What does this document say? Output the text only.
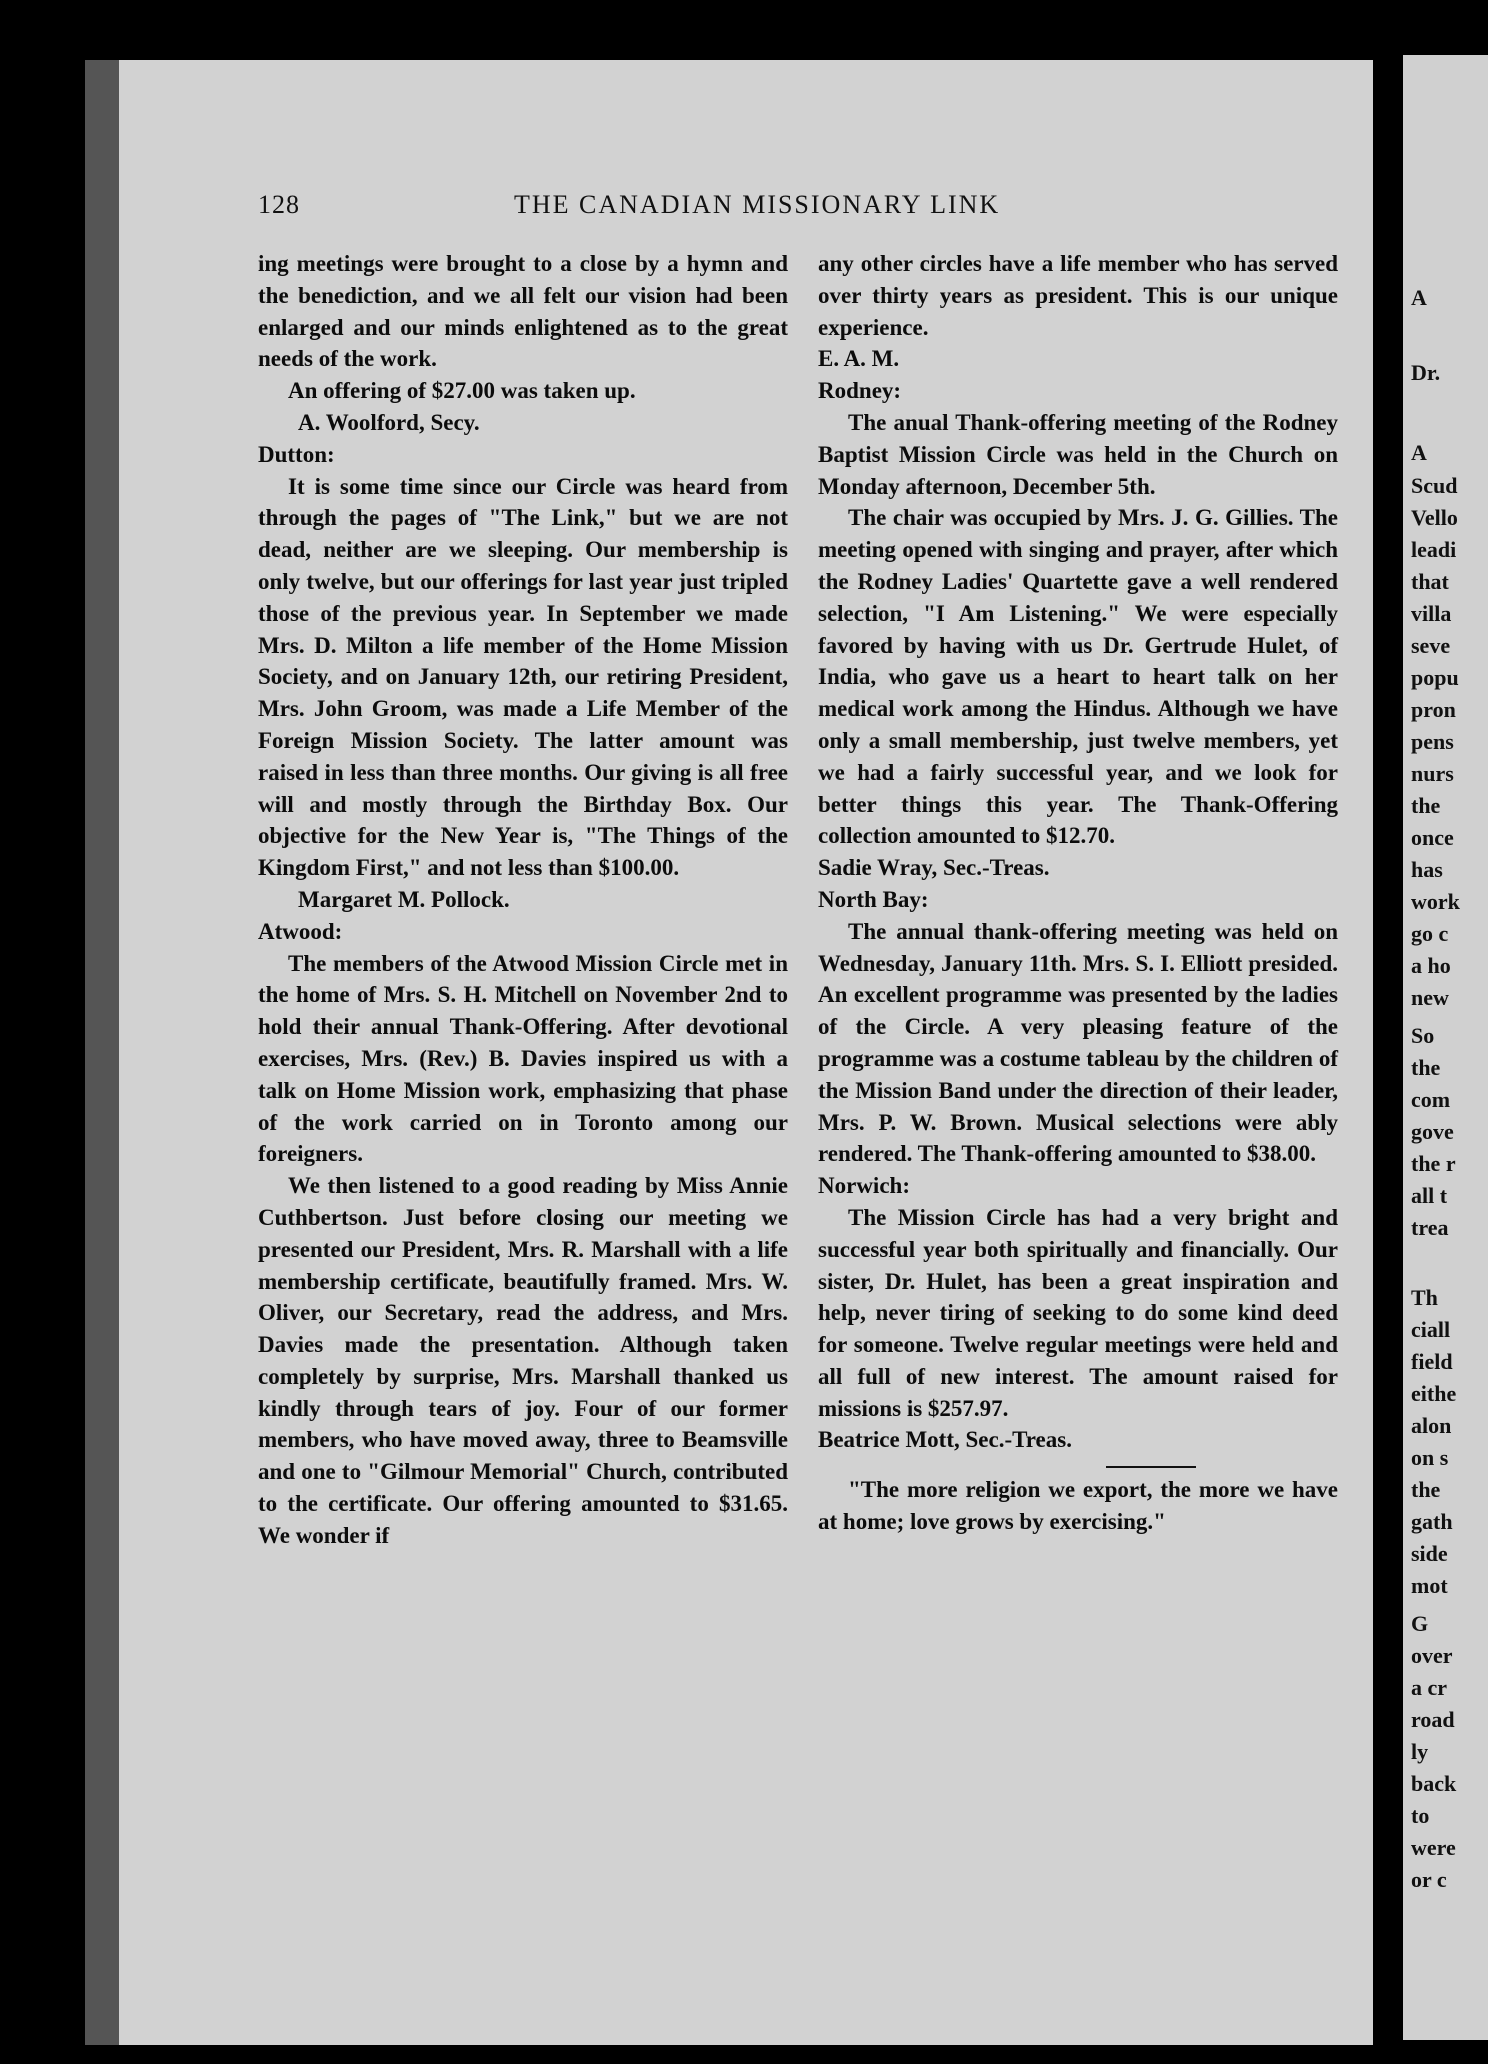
128	THE CANADIAN MISSIONARY LINK

ing meetings were brought to a close by a hymn and the benediction, and we all felt our vision had been enlarged and our minds enlightened as to the great needs of the work.

An offering of $27.00 was taken up.

A. Woolford, Secy.

Dutton:

It is some time since our Circle was heard from through the pages of "The Link," but we are not dead, neither are we sleeping. Our membership is only twelve, but our offerings for last year just tripled those of the previous year. In September we made Mrs. D. Milton a life member of the Home Mission Society, and on January 12th, our retiring President, Mrs. John Groom, was made a Life Member of the Foreign Mission Society. The latter amount was raised in less than three months. Our giving is all free will and mostly through the Birthday Box. Our objective for the New Year is, "The Things of the Kingdom First," and not less than $100.00.

Margaret M. Pollock.

Atwood:

The members of the Atwood Mission Circle met in the home of Mrs. S. H. Mitchell on November 2nd to hold their annual Thank-Offering. After devotional exercises, Mrs. (Rev.) B. Davies inspired us with a talk on Home Mission work, emphasizing that phase of the work carried on in Toronto among our foreigners.

We then listened to a good reading by Miss Annie Cuthbertson. Just before closing our meeting we presented our President, Mrs. R. Marshall with a life membership certificate, beautifully framed. Mrs. W. Oliver, our Secretary, read the address, and Mrs. Davies made the presentation. Although taken completely by surprise, Mrs. Marshall thanked us kindly through tears of joy. Four of our former members, who have moved away, three to Beamsville and one to "Gilmour Memorial" Church, contributed to the certificate. Our offering amounted to $31.65. We wonder if

any other circles have a life member who has served over thirty years as president. This is our unique experience.

E. A. M.

Rodney:

The anual Thank-offering meeting of the Rodney Baptist Mission Circle was held in the Church on Monday afternoon, December 5th.

The chair was occupied by Mrs. J. G. Gillies. The meeting opened with singing and prayer, after which the Rodney Ladies' Quartette gave a well rendered selection, "I Am Listening." We were especially favored by having with us Dr. Gertrude Hulet, of India, who gave us a heart to heart talk on her medical work among the Hindus. Although we have only a small membership, just twelve members, yet we had a fairly successful year, and we look for better things this year. The Thank-Offering collection amounted to $12.70.

Sadie Wray, Sec.-Treas.

North Bay:

The annual thank-offering meeting was held on Wednesday, January 11th. Mrs. S. I. Elliott presided. An excellent programme was presented by the ladies of the Circle. A very pleasing feature of the programme was a costume tableau by the children of the Mission Band under the direction of their leader, Mrs. P. W. Brown. Musical selections were ably rendered. The Thank-offering amounted to $38.00.

Norwich:

The Mission Circle has had a very bright and successful year both spiritually and financially. Our sister, Dr. Hulet, has been a great inspiration and help, never tiring of seeking to do some kind deed for someone. Twelve regular meetings were held and all full of new interest. The amount raised for missions is $257.97.

Beatrice Mott, Sec.-Treas.

"The more religion we export, the more we have at home; love grows by exercising."

A
Dr.
A
Scud
Vello
leadi
that
villa
seve
popu
pron
pens
nurs
the
once
has
work
go c
a ho
new
So
the
com
gove
the r
all t
trea
Th
ciall
field
eithe
alon
on s
the
gath
side
mot
G
over
a cr
road
ly
back
to
were
or c
